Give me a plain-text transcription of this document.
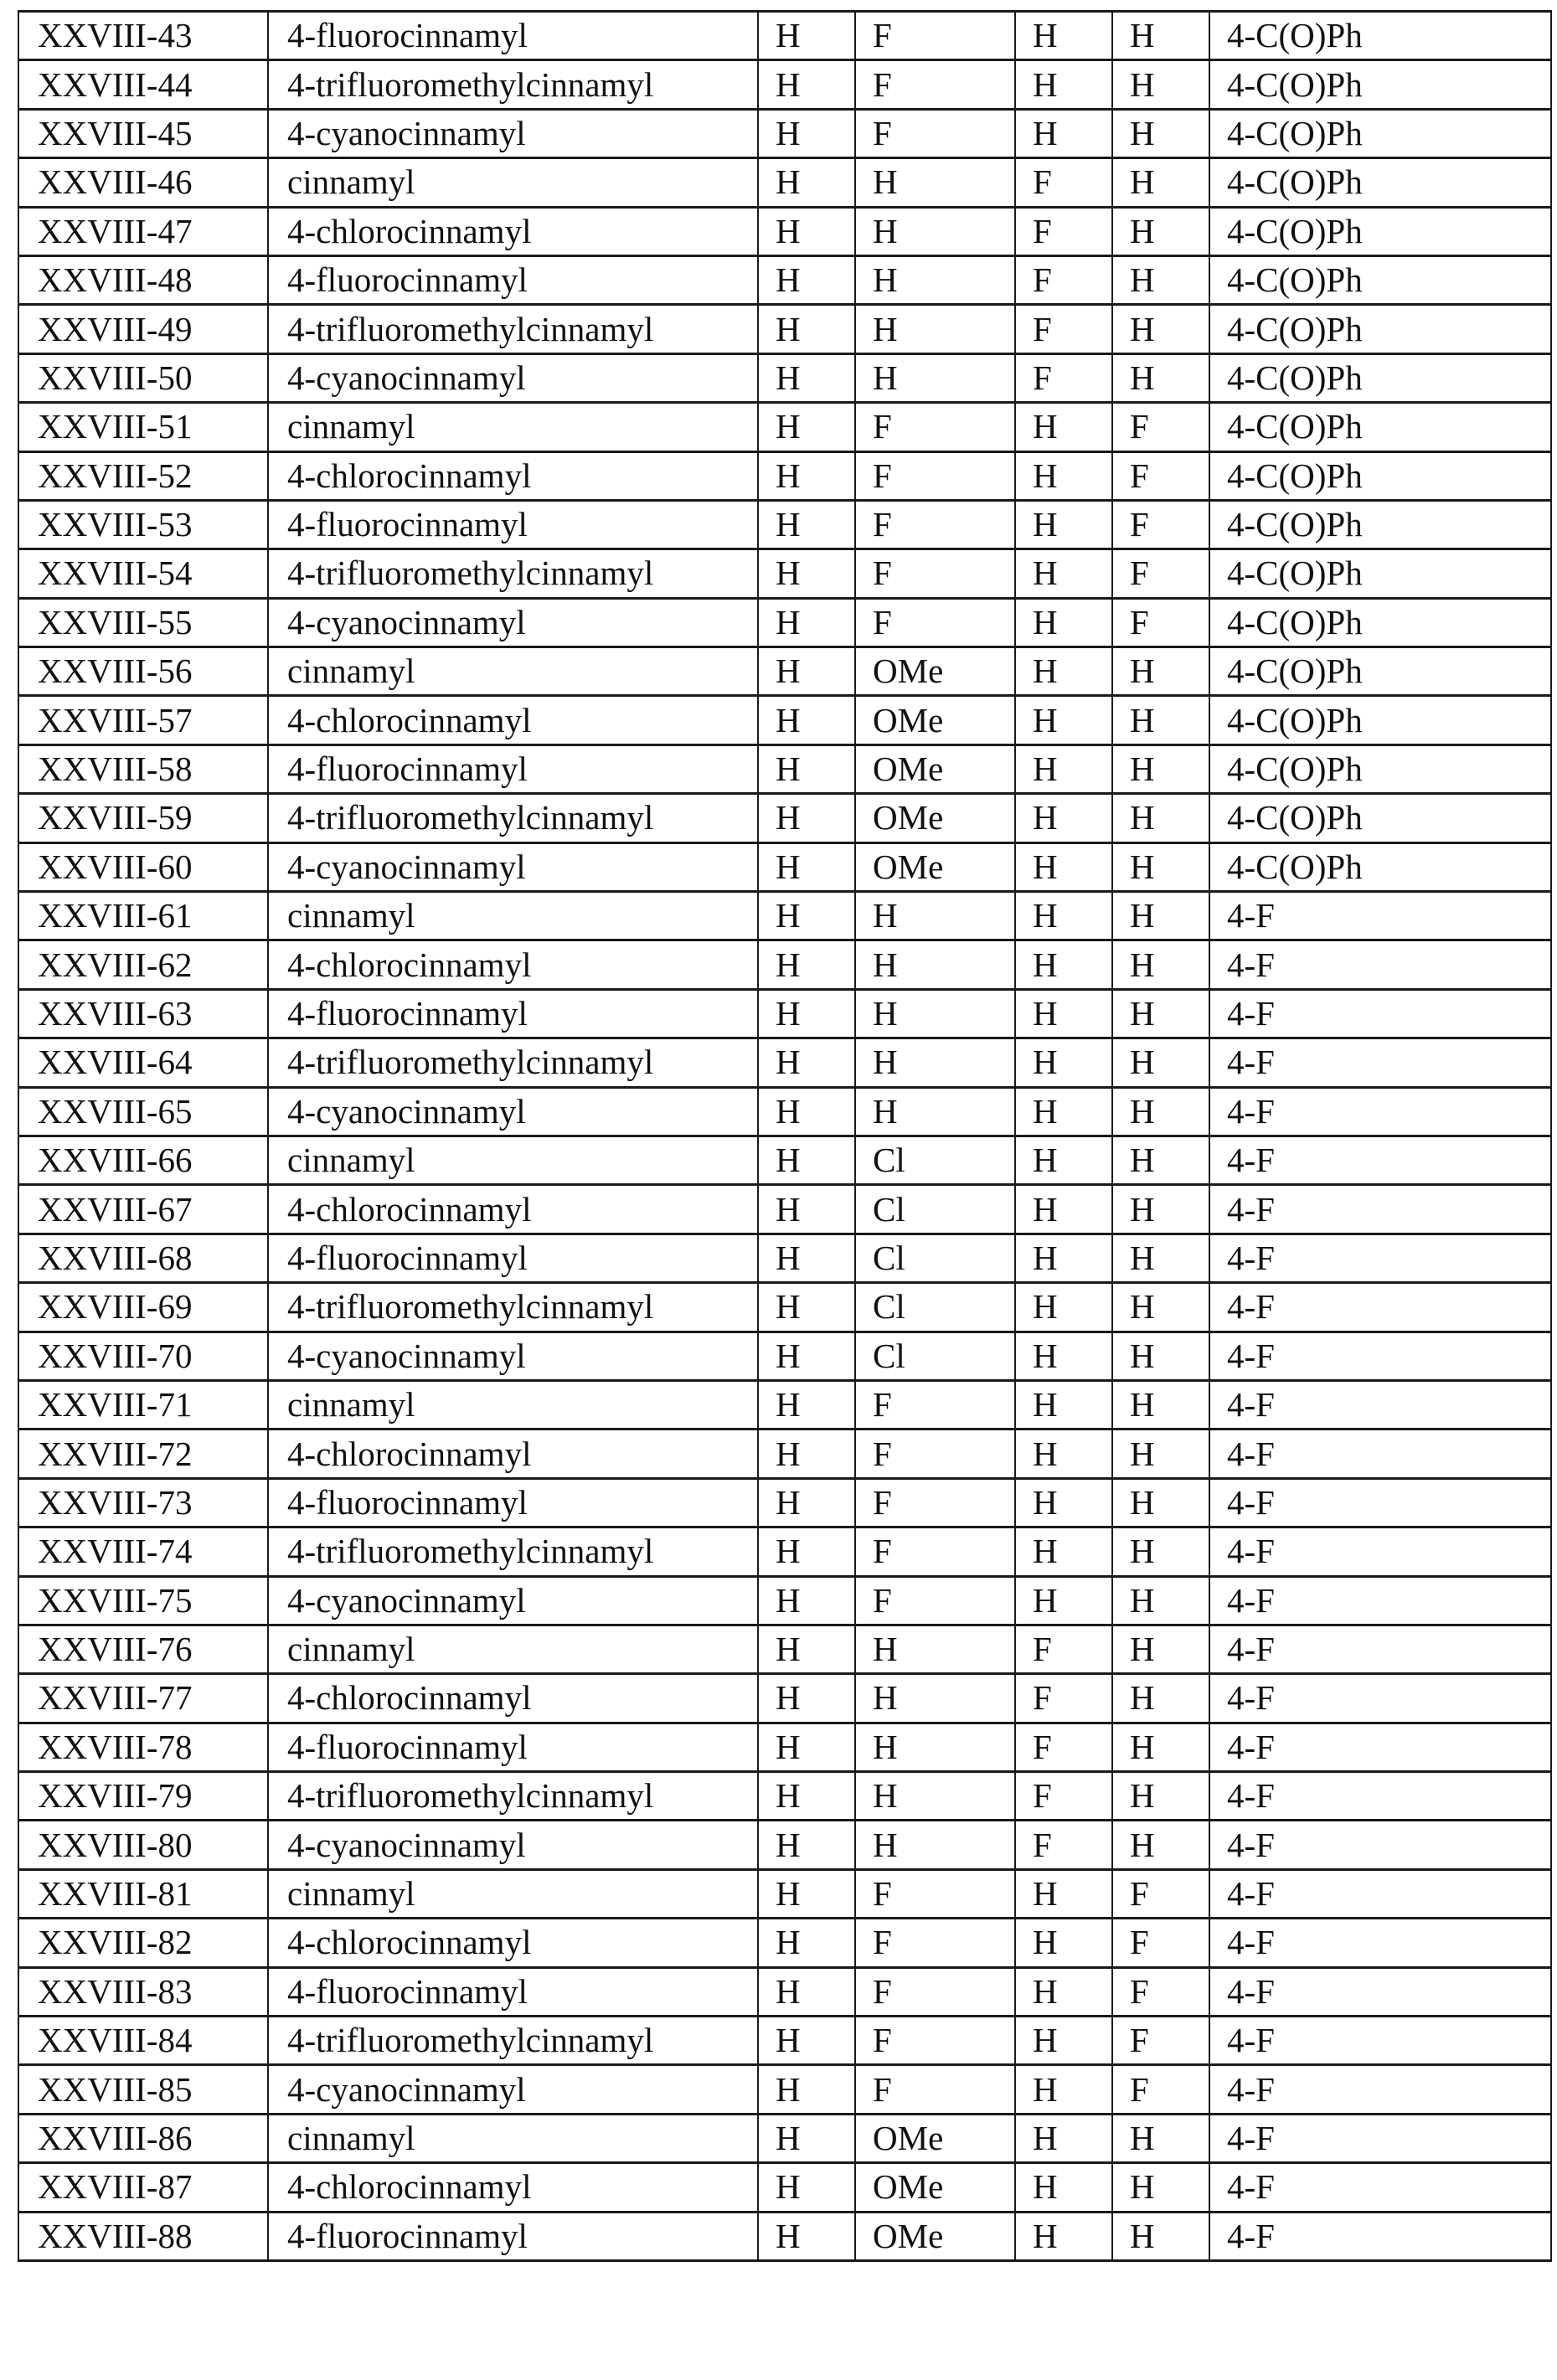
XXVIII-43	4-fluorocinnamyl	H	F	H	H	4-C(O)Ph
XXVIII-44	4-trifluoromethylcinnamyl	H	F	H	H	4-C(O)Ph
XXVIII-45	4-cyanocinnamyl	H	F	H	H	4-C(O)Ph
XXVIII-46	cinnamyl	H	H	F	H	4-C(O)Ph
XXVIII-47	4-chlorocinnamyl	H	H	F	H	4-C(O)Ph
XXVIII-48	4-fluorocinnamyl	H	H	F	H	4-C(O)Ph
XXVIII-49	4-trifluoromethylcinnamyl	H	H	F	H	4-C(O)Ph
XXVIII-50	4-cyanocinnamyl	H	H	F	H	4-C(O)Ph
XXVIII-51	cinnamyl	H	F	H	F	4-C(O)Ph
XXVIII-52	4-chlorocinnamyl	H	F	H	F	4-C(O)Ph
XXVIII-53	4-fluorocinnamyl	H	F	H	F	4-C(O)Ph
XXVIII-54	4-trifluoromethylcinnamyl	H	F	H	F	4-C(O)Ph
XXVIII-55	4-cyanocinnamyl	H	F	H	F	4-C(O)Ph
XXVIII-56	cinnamyl	H	OMe	H	H	4-C(O)Ph
XXVIII-57	4-chlorocinnamyl	H	OMe	H	H	4-C(O)Ph
XXVIII-58	4-fluorocinnamyl	H	OMe	H	H	4-C(O)Ph
XXVIII-59	4-trifluoromethylcinnamyl	H	OMe	H	H	4-C(O)Ph
XXVIII-60	4-cyanocinnamyl	H	OMe	H	H	4-C(O)Ph
XXVIII-61	cinnamyl	H	H	H	H	4-F
XXVIII-62	4-chlorocinnamyl	H	H	H	H	4-F
XXVIII-63	4-fluorocinnamyl	H	H	H	H	4-F
XXVIII-64	4-trifluoromethylcinnamyl	H	H	H	H	4-F
XXVIII-65	4-cyanocinnamyl	H	H	H	H	4-F
XXVIII-66	cinnamyl	H	Cl	H	H	4-F
XXVIII-67	4-chlorocinnamyl	H	Cl	H	H	4-F
XXVIII-68	4-fluorocinnamyl	H	Cl	H	H	4-F
XXVIII-69	4-trifluoromethylcinnamyl	H	Cl	H	H	4-F
XXVIII-70	4-cyanocinnamyl	H	Cl	H	H	4-F
XXVIII-71	cinnamyl	H	F	H	H	4-F
XXVIII-72	4-chlorocinnamyl	H	F	H	H	4-F
XXVIII-73	4-fluorocinnamyl	H	F	H	H	4-F
XXVIII-74	4-trifluoromethylcinnamyl	H	F	H	H	4-F
XXVIII-75	4-cyanocinnamyl	H	F	H	H	4-F
XXVIII-76	cinnamyl	H	H	F	H	4-F
XXVIII-77	4-chlorocinnamyl	H	H	F	H	4-F
XXVIII-78	4-fluorocinnamyl	H	H	F	H	4-F
XXVIII-79	4-trifluoromethylcinnamyl	H	H	F	H	4-F
XXVIII-80	4-cyanocinnamyl	H	H	F	H	4-F
XXVIII-81	cinnamyl	H	F	H	F	4-F
XXVIII-82	4-chlorocinnamyl	H	F	H	F	4-F
XXVIII-83	4-fluorocinnamyl	H	F	H	F	4-F
XXVIII-84	4-trifluoromethylcinnamyl	H	F	H	F	4-F
XXVIII-85	4-cyanocinnamyl	H	F	H	F	4-F
XXVIII-86	cinnamyl	H	OMe	H	H	4-F
XXVIII-87	4-chlorocinnamyl	H	OMe	H	H	4-F
XXVIII-88	4-fluorocinnamyl	H	OMe	H	H	4-F
